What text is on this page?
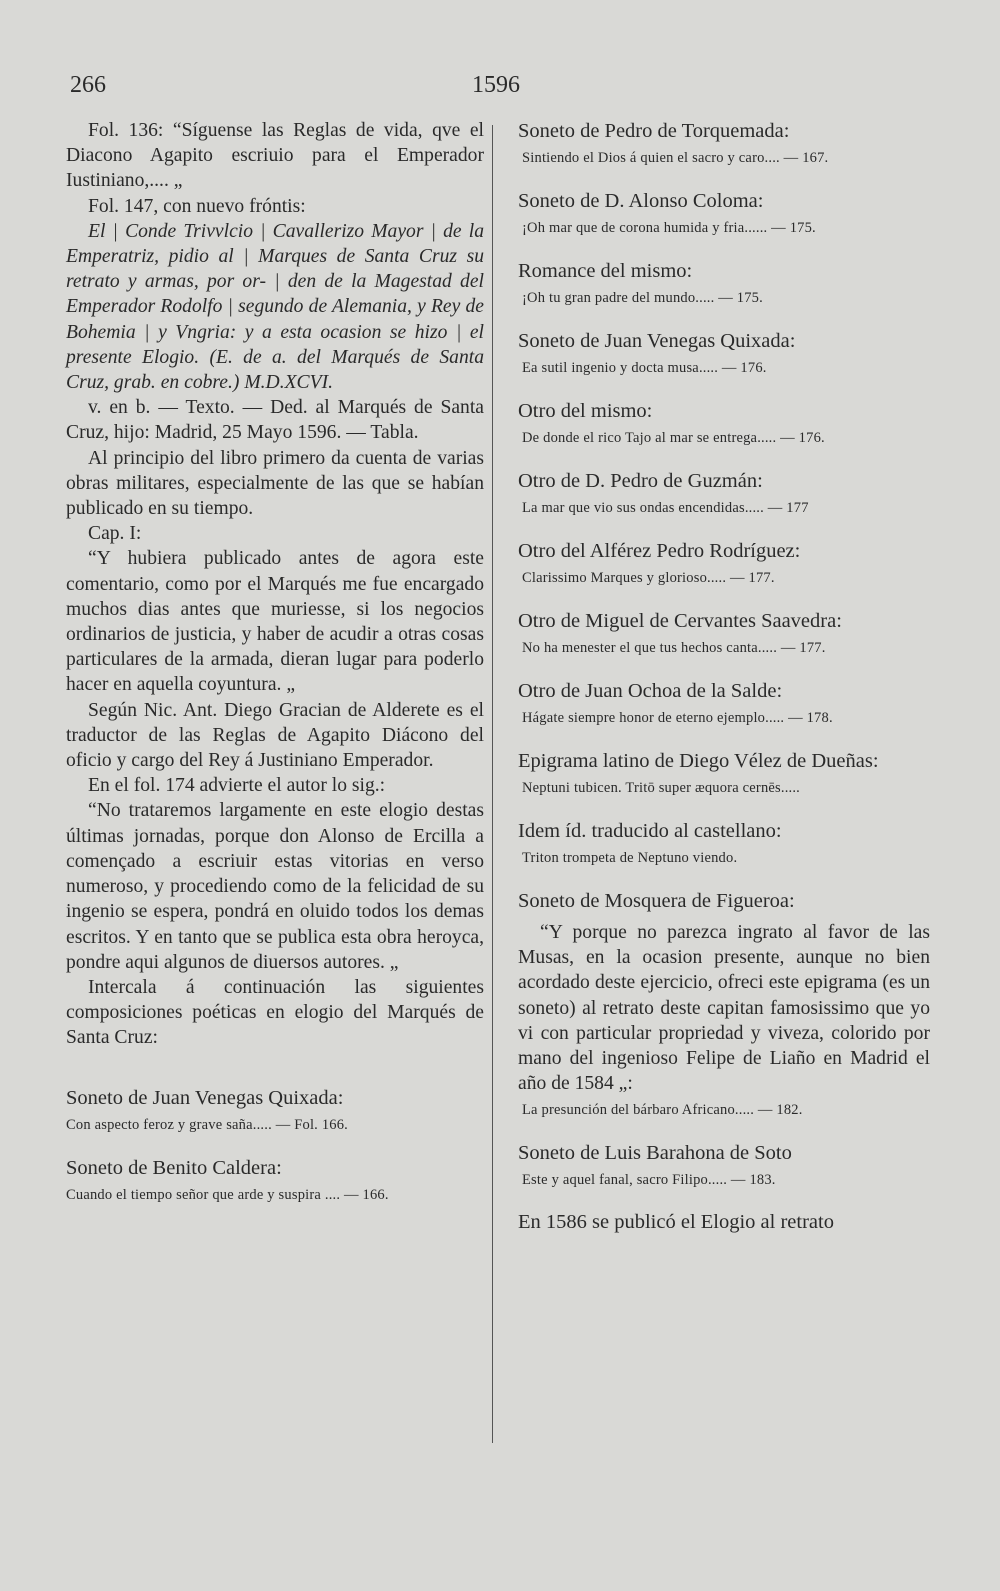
266	1596

Fol. 136: “Síguense las Reglas de vida, qve el Diacono Agapito escriuio para el Emperador Iustiniano,.... „

Fol. 147, con nuevo fróntis:

El | Conde Trivvlcio | Cavallerizo Mayor | de la Emperatriz, pidio al | Marques de Santa Cruz su retrato y armas, por or- | den de la Magestad del Emperador Rodolfo | segundo de Alemania, y Rey de Bohemia | y Vngria: y a esta ocasion se hizo | el presente Elogio. (E. de a. del Marqués de Santa Cruz, grab. en cobre.) M.D.XCVI.

v. en b. — Texto. — Ded. al Marqués de Santa Cruz, hijo: Madrid, 25 Mayo 1596. — Tabla.

Al principio del libro primero da cuenta de varias obras militares, especialmente de las que se habían publicado en su tiempo.

Cap. I:

“Y hubiera publicado antes de agora este comentario, como por el Marqués me fue encargado muchos dias antes que muriesse, si los negocios ordinarios de justicia, y haber de acudir a otras cosas particulares de la armada, dieran lugar para poderlo hacer en aquella coyuntura. „

Según Nic. Ant. Diego Gracian de Alderete es el traductor de las Reglas de Agapito Diácono del oficio y cargo del Rey á Justiniano Emperador.

En el fol. 174 advierte el autor lo sig.:

“No trataremos largamente en este elogio destas últimas jornadas, porque don Alonso de Ercilla a començado a escriuir estas vitorias en verso numeroso, y procediendo como de la felicidad de su ingenio se espera, pondrá en oluido todos los demas escritos. Y en tanto que se publica esta obra heroyca, pondre aqui algunos de diuersos autores. „

Intercala á continuación las siguientes composiciones poéticas en elogio del Marqués de Santa Cruz:

Soneto de Juan Venegas Quixada:

Con aspecto feroz y grave saña..... — Fol. 166.

Soneto de Benito Caldera:

Cuando el tiempo señor que arde y suspira .... — 166.

Soneto de Pedro de Torquemada:

Sintiendo el Dios á quien el sacro y caro.... — 167.

Soneto de D. Alonso Coloma:

¡Oh mar que de corona humida y fria...... — 175.

Romance del mismo:

¡Oh tu gran padre del mundo..... — 175.

Soneto de Juan Venegas Quixada:

Ea sutil ingenio y docta musa..... — 176.

Otro del mismo:

De donde el rico Tajo al mar se entrega..... — 176.

Otro de D. Pedro de Guzmán:

La mar que vio sus ondas encendidas..... — 177

Otro del Alférez Pedro Rodríguez:

Clarissimo Marques y glorioso..... — 177.

Otro de Miguel de Cervantes Saavedra:

No ha menester el que tus hechos canta..... — 177.

Otro de Juan Ochoa de la Salde:

Hágate siempre honor de eterno ejemplo..... — 178.

Epigrama latino de Diego Vélez de Dueñas:

Neptuni tubicen. Tritō super æquora cernēs.....

Idem íd. traducido al castellano:

Triton trompeta de Neptuno viendo.

Soneto de Mosquera de Figueroa:

“Y porque no parezca ingrato al favor de las Musas, en la ocasion presente, aunque no bien acordado deste ejercicio, ofreci este epigrama (es un soneto) al retrato deste capitan famosissimo que yo vi con particular propriedad y viveza, colorido por mano del ingenioso Felipe de Liaño en Madrid el año de 1584 „:

La presunción del bárbaro Africano..... — 182.

Soneto de Luis Barahona de Soto

Este y aquel fanal, sacro Filipo..... — 183.

En 1586 se publicó el Elogio al retrato
